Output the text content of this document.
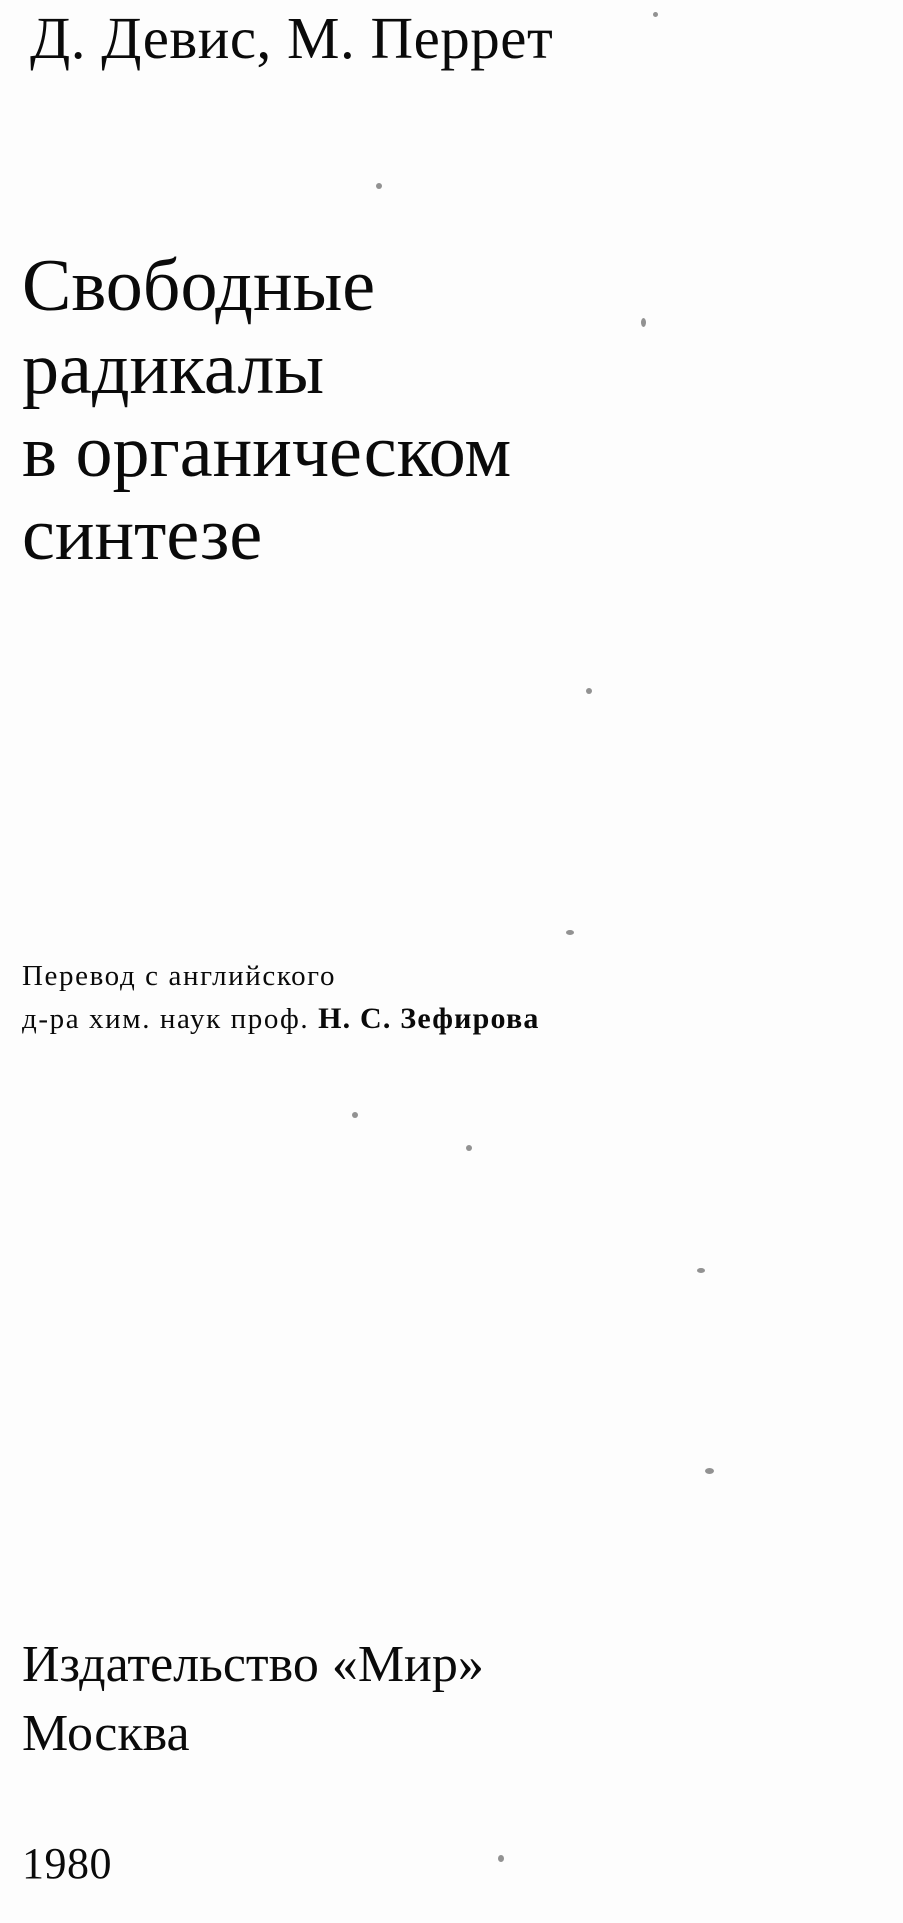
Д. Девис, М. Перрет
Свободные
радикалы
в органическом
синтезе
Перевод с английского
д-ра хим. наук проф. Н. С. Зефирова
Издательство «Мир»
Москва
1980
